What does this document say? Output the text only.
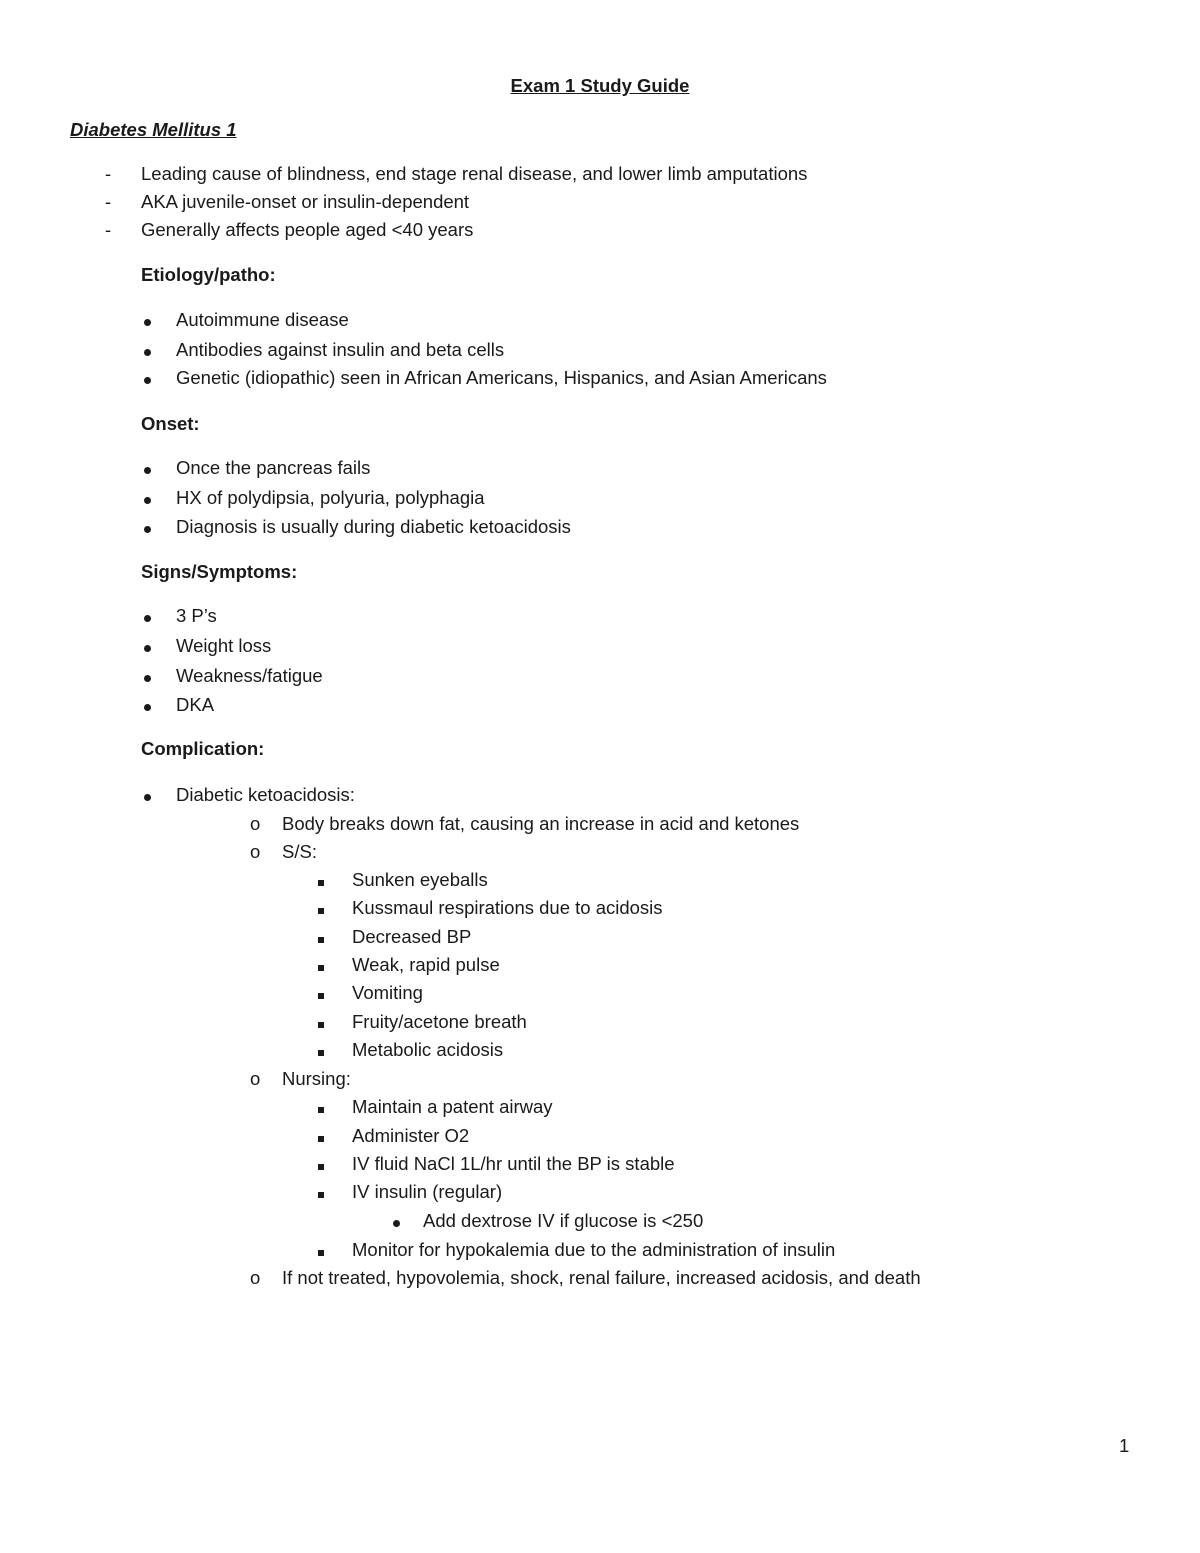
Exam 1 Study Guide
Diabetes Mellitus 1
- Leading cause of blindness, end stage renal disease, and lower limb amputations
- AKA juvenile-onset or insulin-dependent
- Generally affects people aged <40 years
Etiology/patho:
Autoimmune disease
Antibodies against insulin and beta cells
Genetic (idiopathic) seen in African Americans, Hispanics, and Asian Americans
Onset:
Once the pancreas fails
HX of polydipsia, polyuria, polyphagia
Diagnosis is usually during diabetic ketoacidosis
Signs/Symptoms:
3 P’s
Weight loss
Weakness/fatigue
DKA
Complication:
Diabetic ketoacidosis:
o Body breaks down fat, causing an increase in acid and ketones
o S/S:
Sunken eyeballs
Kussmaul respirations due to acidosis
Decreased BP
Weak, rapid pulse
Vomiting
Fruity/acetone breath
Metabolic acidosis
o Nursing:
Maintain a patent airway
Administer O2
IV fluid NaCl 1L/hr until the BP is stable
IV insulin (regular)
Add dextrose IV if glucose is <250
Monitor for hypokalemia due to the administration of insulin
o If not treated, hypovolemia, shock, renal failure, increased acidosis, and death
1
